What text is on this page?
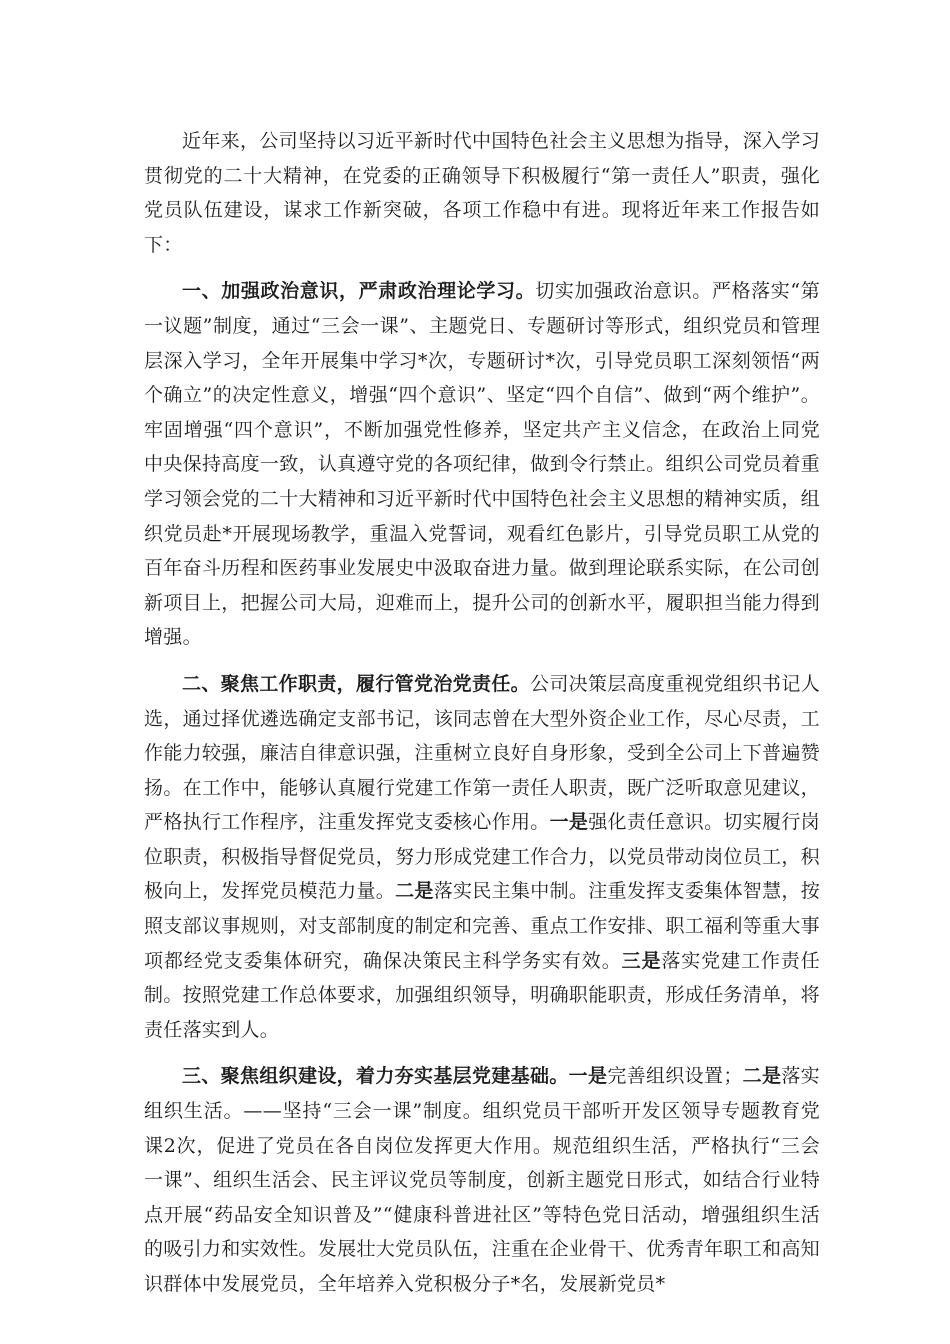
近年来，公司坚持以习近平新时代中国特色社会主义思想为指导，深入学习贯彻党的二十大精神，在党委的正确领导下积极履行“第一责任人”职责，强化党员队伍建设，谋求工作新突破，各项工作稳中有进。现将近年来工作报告如下：

一、加强政治意识，严肃政治理论学习。切实加强政治意识。严格落实“第一议题”制度，通过“三会一课”、主题党日、专题研讨等形式，组织党员和管理层深入学习，全年开展集中学习*次，专题研讨*次，引导党员职工深刻领悟“两个确立”的决定性意义，增强“四个意识”、坚定“四个自信”、做到“两个维护”。牢固增强“四个意识”，不断加强党性修养，坚定共产主义信念，在政治上同党中央保持高度一致，认真遵守党的各项纪律，做到令行禁止。组织公司党员着重学习领会党的二十大精神和习近平新时代中国特色社会主义思想的精神实质，组织党员赴*开展现场教学，重温入党誓词，观看红色影片，引导党员职工从党的百年奋斗历程和医药事业发展史中汲取奋进力量。做到理论联系实际，在公司创新项目上，把握公司大局，迎难而上，提升公司的创新水平，履职担当能力得到增强。

二、聚焦工作职责，履行管党治党责任。公司决策层高度重视党组织书记人选，通过择优遴选确定支部书记，该同志曾在大型外资企业工作，尽心尽责，工作能力较强，廉洁自律意识强，注重树立良好自身形象，受到全公司上下普遍赞扬。在工作中，能够认真履行党建工作第一责任人职责，既广泛听取意见建议，严格执行工作程序，注重发挥党支委核心作用。一是强化责任意识。切实履行岗位职责，积极指导督促党员，努力形成党建工作合力，以党员带动岗位员工，积极向上，发挥党员模范力量。二是落实民主集中制。注重发挥支委集体智慧，按照支部议事规则，对支部制度的制定和完善、重点工作安排、职工福利等重大事项都经党支委集体研究，确保决策民主科学务实有效。三是落实党建工作责任制。按照党建工作总体要求，加强组织领导，明确职能职责，形成任务清单，将责任落实到人。

三、聚焦组织建设，着力夯实基层党建基础。一是完善组织设置；二是落实组织生活。——坚持“三会一课”制度。组织党员干部听开发区领导专题教育党课2次，促进了党员在各自岗位发挥更大作用。规范组织生活，严格执行“三会一课”、组织生活会、民主评议党员等制度，创新主题党日形式，如结合行业特点开展“药品安全知识普及”“健康科普进社区”等特色党日活动，增强组织生活的吸引力和实效性。发展壮大党员队伍，注重在企业骨干、优秀青年职工和高知识群体中发展党员，全年培养入党积极分子*名，发展新党员*
